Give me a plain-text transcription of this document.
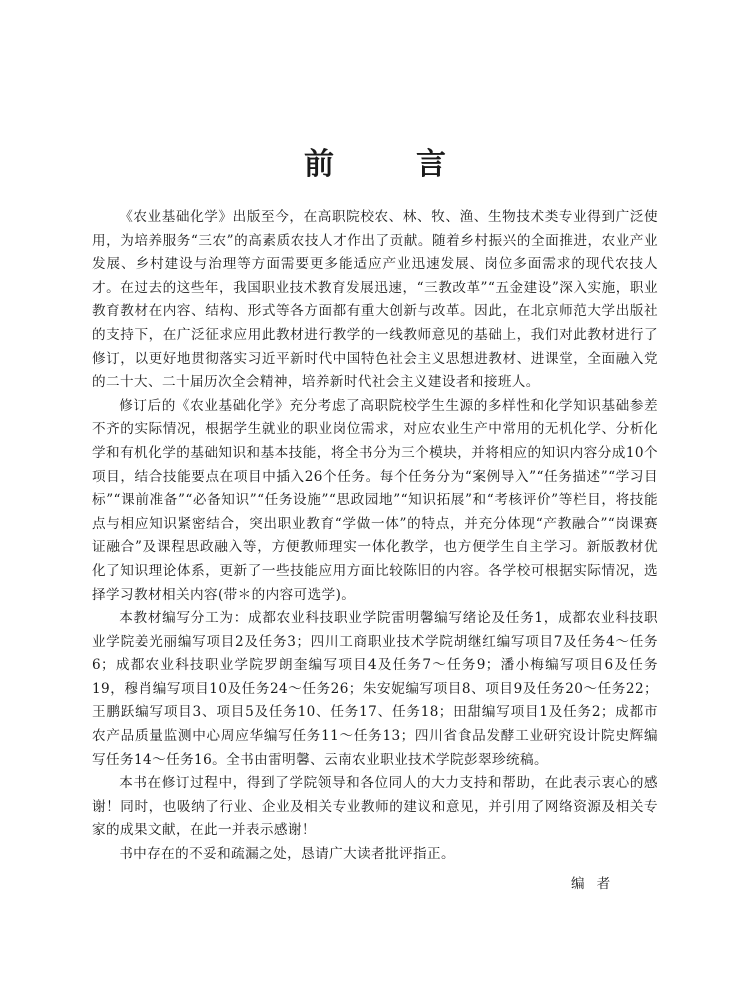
前	言

《农业基础化学》出版至今，在高职院校农、林、牧、渔、生物技术类专业得到广泛使用，为培养服务“三农”的高素质农技人才作出了贡献。随着乡村振兴的全面推进，农业产业发展、乡村建设与治理等方面需要更多能适应产业迅速发展、岗位多面需求的现代农技人才。在过去的这些年，我国职业技术教育发展迅速，“三教改革”“五金建设”深入实施，职业教育教材在内容、结构、形式等各方面都有重大创新与改革。因此，在北京师范大学出版社的支持下，在广泛征求应用此教材进行教学的一线教师意见的基础上，我们对此教材进行了修订，以更好地贯彻落实习近平新时代中国特色社会主义思想进教材、进课堂，全面融入党的二十大、二十届历次全会精神，培养新时代社会主义建设者和接班人。

修订后的《农业基础化学》充分考虑了高职院校学生生源的多样性和化学知识基础参差不齐的实际情况，根据学生就业的职业岗位需求，对应农业生产中常用的无机化学、分析化学和有机化学的基础知识和基本技能，将全书分为三个模块，并将相应的知识内容分成10个项目，结合技能要点在项目中插入26个任务。每个任务分为“案例导入”“任务描述”“学习目标”“课前准备”“必备知识”“任务设施”“思政园地”“知识拓展”和“考核评价”等栏目，将技能点与相应知识紧密结合，突出职业教育“学做一体”的特点，并充分体现“产教融合”“岗课赛证融合”及课程思政融入等，方便教师理实一体化教学，也方便学生自主学习。新版教材优化了知识理论体系，更新了一些技能应用方面比较陈旧的内容。各学校可根据实际情况，选择学习教材相关内容(带＊的内容可选学)。

本教材编写分工为：成都农业科技职业学院雷明馨编写绪论及任务1，成都农业科技职业学院姜光丽编写项目2及任务3；四川工商职业技术学院胡继红编写项目7及任务4～任务6；成都农业科技职业学院罗朗奎编写项目4及任务7～任务9；潘小梅编写项目6及任务19，穆肖编写项目10及任务24～任务26；朱安妮编写项目8、项目9及任务20～任务22；王鹏跃编写项目3、项目5及任务10、任务17、任务18；田甜编写项目1及任务2；成都市农产品质量监测中心周应华编写任务11～任务13；四川省食品发酵工业研究设计院史辉编写任务14～任务16。全书由雷明馨、云南农业职业技术学院彭翠珍统稿。

本书在修订过程中，得到了学院领导和各位同人的大力支持和帮助，在此表示衷心的感谢！同时，也吸纳了行业、企业及相关专业教师的建议和意见，并引用了网络资源及相关专家的成果文献，在此一并表示感谢！

书中存在的不妥和疏漏之处，恳请广大读者批评指正。

编者
